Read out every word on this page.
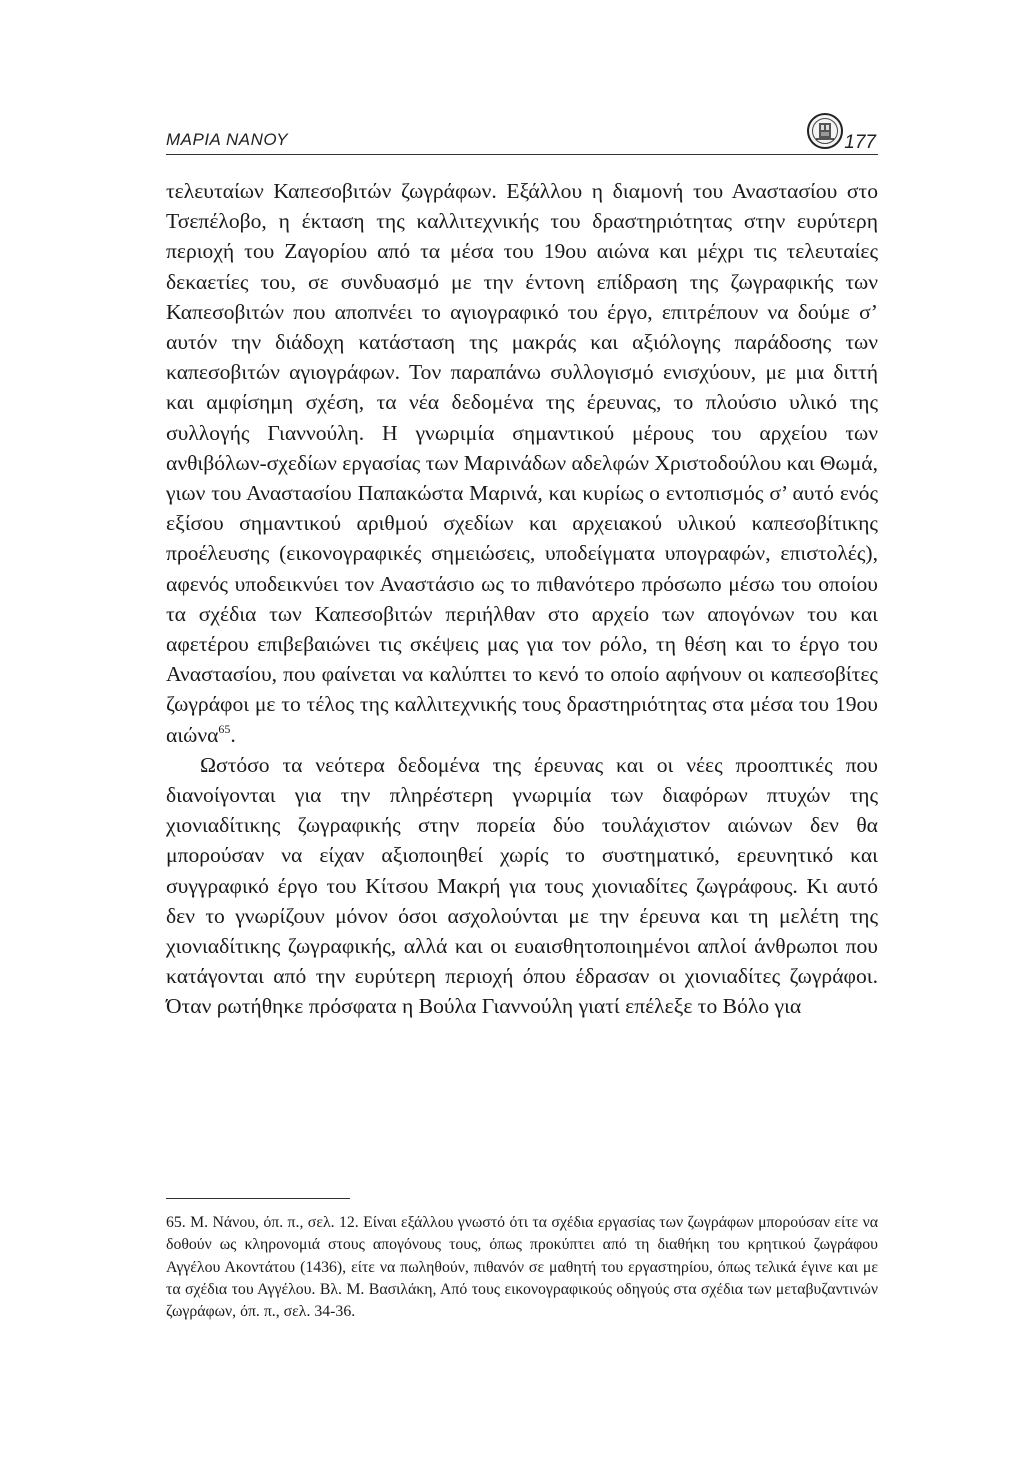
ΜΑΡΙΑ ΝΑΝΟΥ	177

τελευταίων Καπεσοβιτών ζωγράφων. Εξάλλου η διαμονή του Αναστασίου στο Τσεπέλοβο, η έκταση της καλλιτεχνικής του δραστηριότητας στην ευρύτερη περιοχή του Ζαγορίου από τα μέσα του 19ου αιώνα και μέχρι τις τελευταίες δεκαετίες του, σε συνδυασμό με την έντονη επίδραση της ζωγραφικής των Καπεσοβιτών που αποπνέει το αγιογραφικό του έργο, επιτρέπουν να δούμε σ’ αυτόν την διάδοχη κατάσταση της μακράς και αξιόλογης παράδοσης των καπεσοβιτών αγιογράφων. Τον παραπάνω συλλογισμό ενισχύουν, με μια διττή και αμφίσημη σχέση, τα νέα δεδομένα της έρευνας, το πλούσιο υλικό της συλλογής Γιαννούλη. Η γνωριμία σημαντικού μέρους του αρχείου των ανθιβόλων-σχεδίων εργασίας των Μαρινάδων αδελφών Χριστοδούλου και Θωμά, γιων του Αναστασίου Παπακώστα Μαρινά, και κυρίως ο εντοπισμός σ’ αυτό ενός εξίσου σημαντικού αριθμού σχεδίων και αρχειακού υλικού καπεσοβίτικης προέλευσης (εικονογραφικές σημειώσεις, υποδείγματα υπογραφών, επιστολές), αφενός υποδεικνύει τον Αναστάσιο ως το πιθανότερο πρόσωπο μέσω του οποίου τα σχέδια των Καπεσοβιτών περιήλθαν στο αρχείο των απογόνων του και αφετέρου επιβεβαιώνει τις σκέψεις μας για τον ρόλο, τη θέση και το έργο του Αναστασίου, που φαίνεται να καλύπτει το κενό το οποίο αφήνουν οι καπεσοβίτες ζωγράφοι με το τέλος της καλλιτεχνικής τους δραστηριότητας στα μέσα του 19ου αιώνα$^{65}$.

Ωστόσο τα νεότερα δεδομένα της έρευνας και οι νέες προοπτικές που διανοίγονται για την πληρέστερη γνωριμία των διαφόρων πτυχών της χιονιαδίτικης ζωγραφικής στην πορεία δύο τουλάχιστον αιώνων δεν θα μπορούσαν να είχαν αξιοποιηθεί χωρίς το συστηματικό, ερευνητικό και συγγραφικό έργο του Κίτσου Μακρή για τους χιονιαδίτες ζωγράφους. Κι αυτό δεν το γνωρίζουν μόνον όσοι ασχολούνται με την έρευνα και τη μελέτη της χιονιαδίτικης ζωγραφικής, αλλά και οι ευαισθητοποιημένοι απλοί άνθρωποι που κατάγονται από την ευρύτερη περιοχή όπου έδρασαν οι χιονιαδίτες ζωγράφοι. Όταν ρωτήθηκε πρόσφατα η Βούλα Γιαννούλη γιατί επέλεξε το Βόλο για

65. Μ. Νάνου, όπ. π., σελ. 12. Είναι εξάλλου γνωστό ότι τα σχέδια εργασίας των ζωγράφων μπορούσαν είτε να δοθούν ως κληρονομιά στους απογόνους τους, όπως προκύπτει από τη διαθήκη του κρητικού ζωγράφου Αγγέλου Ακοντάτου (1436), είτε να πωληθούν, πιθανόν σε μαθητή του εργαστηρίου, όπως τελικά έγινε και με τα σχέδια του Αγγέλου. Βλ. Μ. Βασιλάκη, Από τους εικονογραφικούς οδηγούς στα σχέδια των μεταβυζαντινών ζωγράφων, όπ. π., σελ. 34-36.
